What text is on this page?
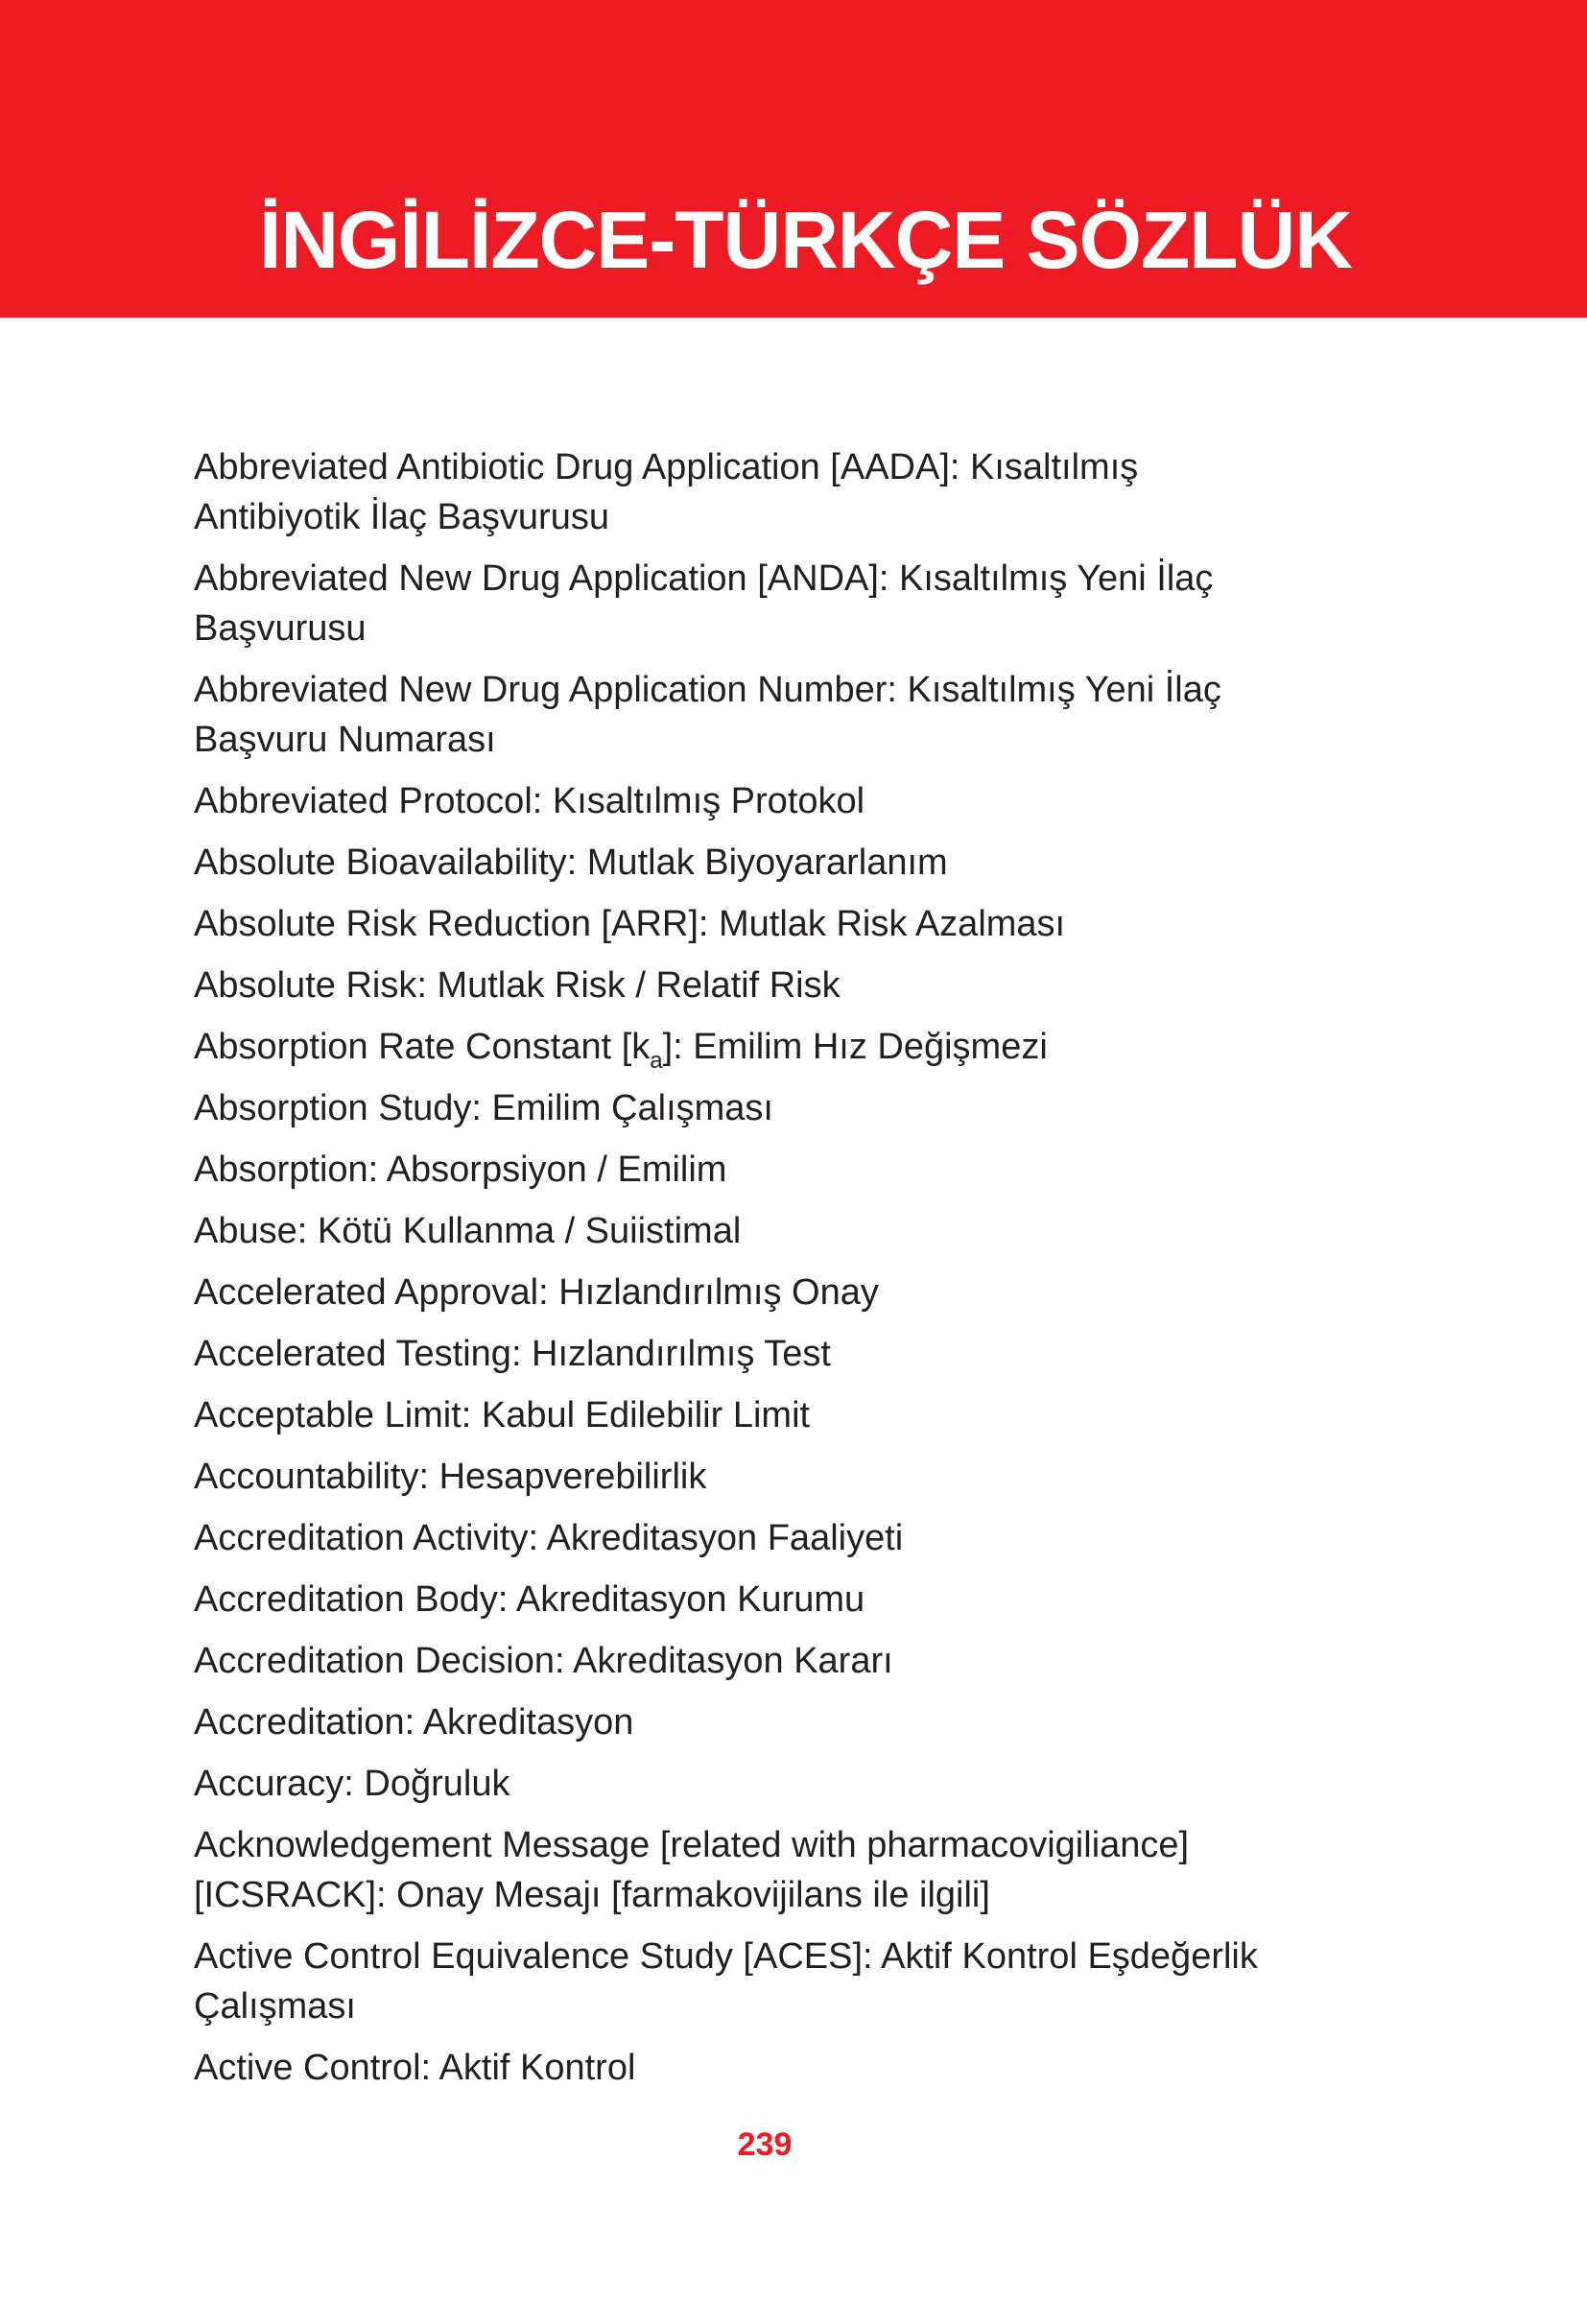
İNGİLİZCE-TÜRKÇE SÖZLÜK
Abbreviated Antibiotic Drug Application [AADA]: Kısaltılmış
Antibiyotik İlaç Başvurusu
Abbreviated New Drug Application [ANDA]: Kısaltılmış Yeni İlaç
Başvurusu
Abbreviated New Drug Application Number: Kısaltılmış Yeni İlaç
Başvuru Numarası
Abbreviated Protocol: Kısaltılmış Protokol
Absolute Bioavailability: Mutlak Biyoyararlanım
Absolute Risk Reduction [ARR]: Mutlak Risk Azalması
Absolute Risk: Mutlak Risk / Relatif Risk
Absorption Rate Constant $[k_a]$: Emilim Hız Değişmezi
Absorption Study: Emilim Çalışması
Absorption: Absorpsiyon / Emilim
Abuse: Kötü Kullanma / Suiistimal
Accelerated Approval: Hızlandırılmış Onay
Accelerated Testing: Hızlandırılmış Test
Acceptable Limit: Kabul Edilebilir Limit
Accountability: Hesapverebilirlik
Accreditation Activity: Akreditasyon Faaliyeti
Accreditation Body: Akreditasyon Kurumu
Accreditation Decision: Akreditasyon Kararı
Accreditation: Akreditasyon
Accuracy: Doğruluk
Acknowledgement Message [related with pharmacovigiliance]
[ICSRACK]: Onay Mesajı [farmakovijilans ile ilgili]
Active Control Equivalence Study [ACES]: Aktif Kontrol Eşdeğerlik
Çalışması
Active Control: Aktif Kontrol
239
